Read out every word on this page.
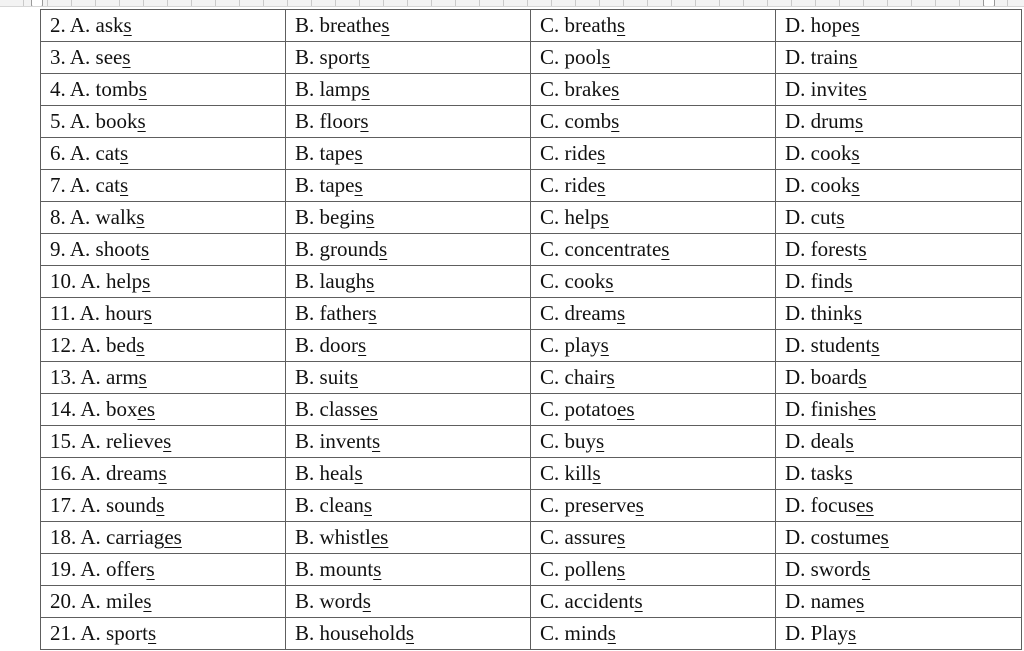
2. A. asks	B. breathes	C. breaths	D. hopes
3. A. sees	B. sports	C. pools	D. trains
4. A. tombs	B. lamps	C. brakes	D. invites
5. A. books	B. floors	C. combs	D. drums
6. A. cats	B. tapes	C. rides	D. cooks
7. A. cats	B. tapes	C. rides	D. cooks
8. A. walks	B. begins	C. helps	D. cuts
9. A. shoots	B. grounds	C. concentrates	D. forests
10. A. helps	B. laughs	C. cooks	D. finds
11. A. hours	B. fathers	C. dreams	D. thinks
12. A. beds	B. doors	C. plays	D. students
13. A. arms	B. suits	C. chairs	D. boards
14. A. boxes	B. classes	C. potatoes	D. finishes
15. A. relieves	B. invents	C. buys	D. deals
16. A. dreams	B. heals	C. kills	D. tasks
17. A. sounds	B. cleans	C. preserves	D. focuses
18. A. carriages	B. whistles	C. assures	D. costumes
19. A. offers	B. mounts	C. pollens	D. swords
20. A. miles	B. words	C. accidents	D. names
21. A. sports	B. households	C. minds	D. Plays
